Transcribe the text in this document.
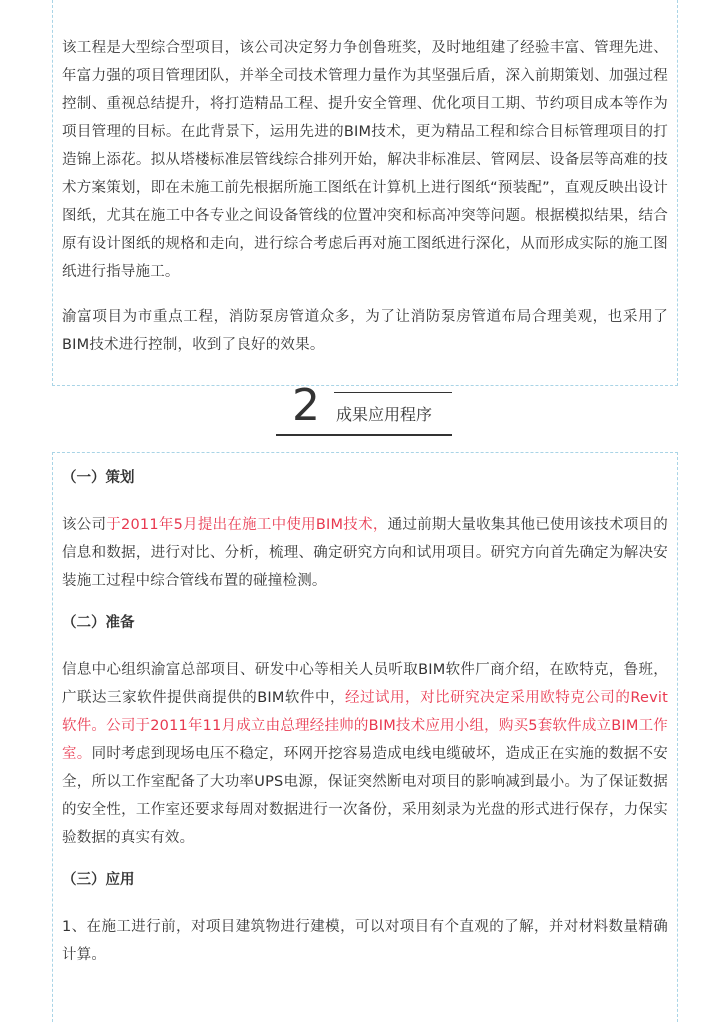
该工程是大型综合型项目，该公司决定努力争创鲁班奖，及时地组建了经验丰富、管理先进、年富力强的项目管理团队，并举全司技术管理力量作为其坚强后盾，深入前期策划、加强过程控制、重视总结提升，将打造精品工程、提升安全管理、优化项目工期、节约项目成本等作为项目管理的目标。在此背景下，运用先进的BIM技术，更为精品工程和综合目标管理项目的打造锦上添花。拟从塔楼标准层管线综合排列开始，解决非标准层、管网层、设备层等高难的技术方案策划，即在未施工前先根据所施工图纸在计算机上进行图纸“预装配”，直观反映出设计图纸，尤其在施工中各专业之间设备管线的位置冲突和标高冲突等问题。根据模拟结果，结合原有设计图纸的规格和走向，进行综合考虑后再对施工图纸进行深化，从而形成实际的施工图纸进行指导施工。

渝富项目为市重点工程，消防泵房管道众多，为了让消防泵房管道布局合理美观，也采用了BIM技术进行控制，收到了良好的效果。

2 成果应用程序

（一）策划

该公司于2011年5月提出在施工中使用BIM技术，通过前期大量收集其他已使用该技术项目的信息和数据，进行对比、分析，梳理、确定研究方向和试用项目。研究方向首先确定为解决安装施工过程中综合管线布置的碰撞检测。

（二）准备

信息中心组织渝富总部项目、研发中心等相关人员听取BIM软件厂商介绍，在欧特克，鲁班，广联达三家软件提供商提供的BIM软件中，经过试用，对比研究决定采用欧特克公司的Revit软件。公司于2011年11月成立由总理经挂帅的BIM技术应用小组，购买5套软件成立BIM工作室。同时考虑到现场电压不稳定，环网开挖容易造成电线电缆破坏，造成正在实施的数据不安全，所以工作室配备了大功率UPS电源，保证突然断电对项目的影响减到最小。为了保证数据的安全性，工作室还要求每周对数据进行一次备份，采用刻录为光盘的形式进行保存，力保实验数据的真实有效。

（三）应用

1、在施工进行前，对项目建筑物进行建模，可以对项目有个直观的了解，并对材料数量精确计算。
